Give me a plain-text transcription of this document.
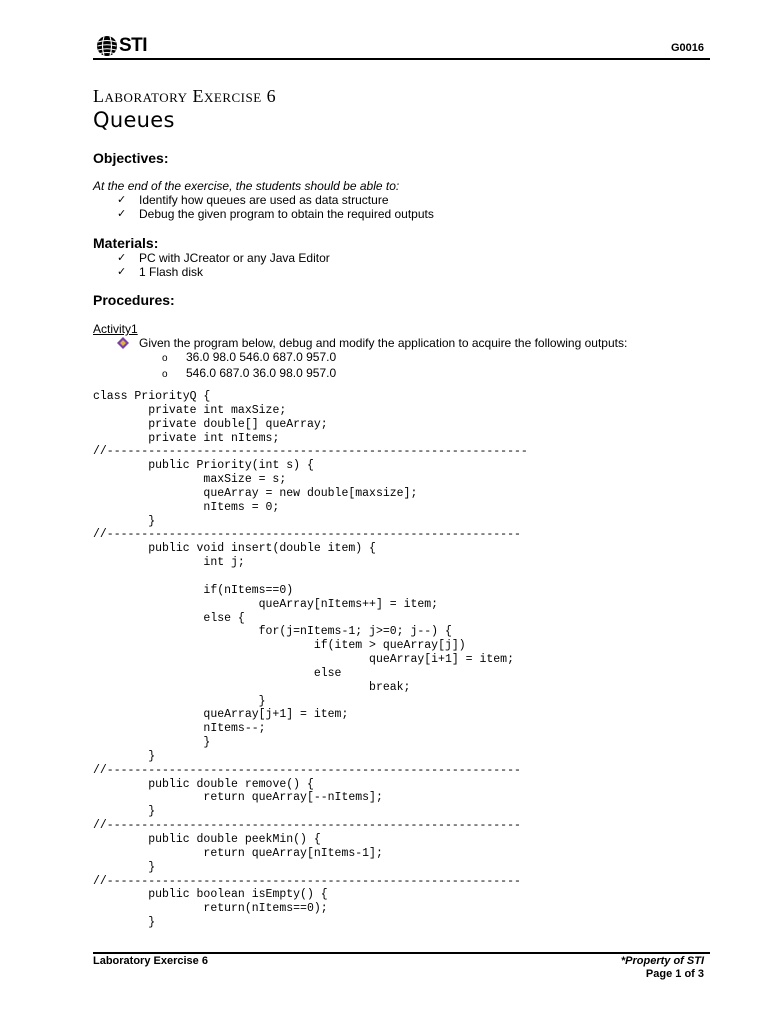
STI	G0016
Laboratory Exercise 6
Queues
Objectives:
At the end of the exercise, the students should be able to:
✓	Identify how queues are used as data structure
✓	Debug the given program to obtain the required outputs
Materials:
✓	PC with JCreator or any Java Editor
✓	1 Flash disk
Procedures:
Activity1
Given the program below, debug and modify the application to acquire the following outputs:
o 36.0 98.0 546.0 687.0 957.0
o 546.0 687.0 36.0 98.0 957.0
class PriorityQ {
	private int maxSize;
	private double[] queArray;
	private int nItems;
//-------------------------------------------------------------
	public Priority(int s) {
		maxSize = s;
		queArray = new double[maxsize];
		nItems = 0;
	}
//------------------------------------------------------------
	public void insert(double item) {
		int j;

		if(nItems==0)
			queArray[nItems++] = item;
		else {
			for(j=nItems-1; j>=0; j--) {
				if(item > queArray[j])
					queArray[i+1] = item;
				else
					break;
			}
		queArray[j+1] = item;
		nItems--;
		}
	}
//------------------------------------------------------------
	public double remove() {
		return queArray[--nItems];
	}
//------------------------------------------------------------
	public double peekMin() {
		return queArray[nItems-1];
	}
//------------------------------------------------------------
	public boolean isEmpty() {
		return(nItems==0);
	}

Laboratory Exercise 6	*Property of STI
Page 1 of 3
